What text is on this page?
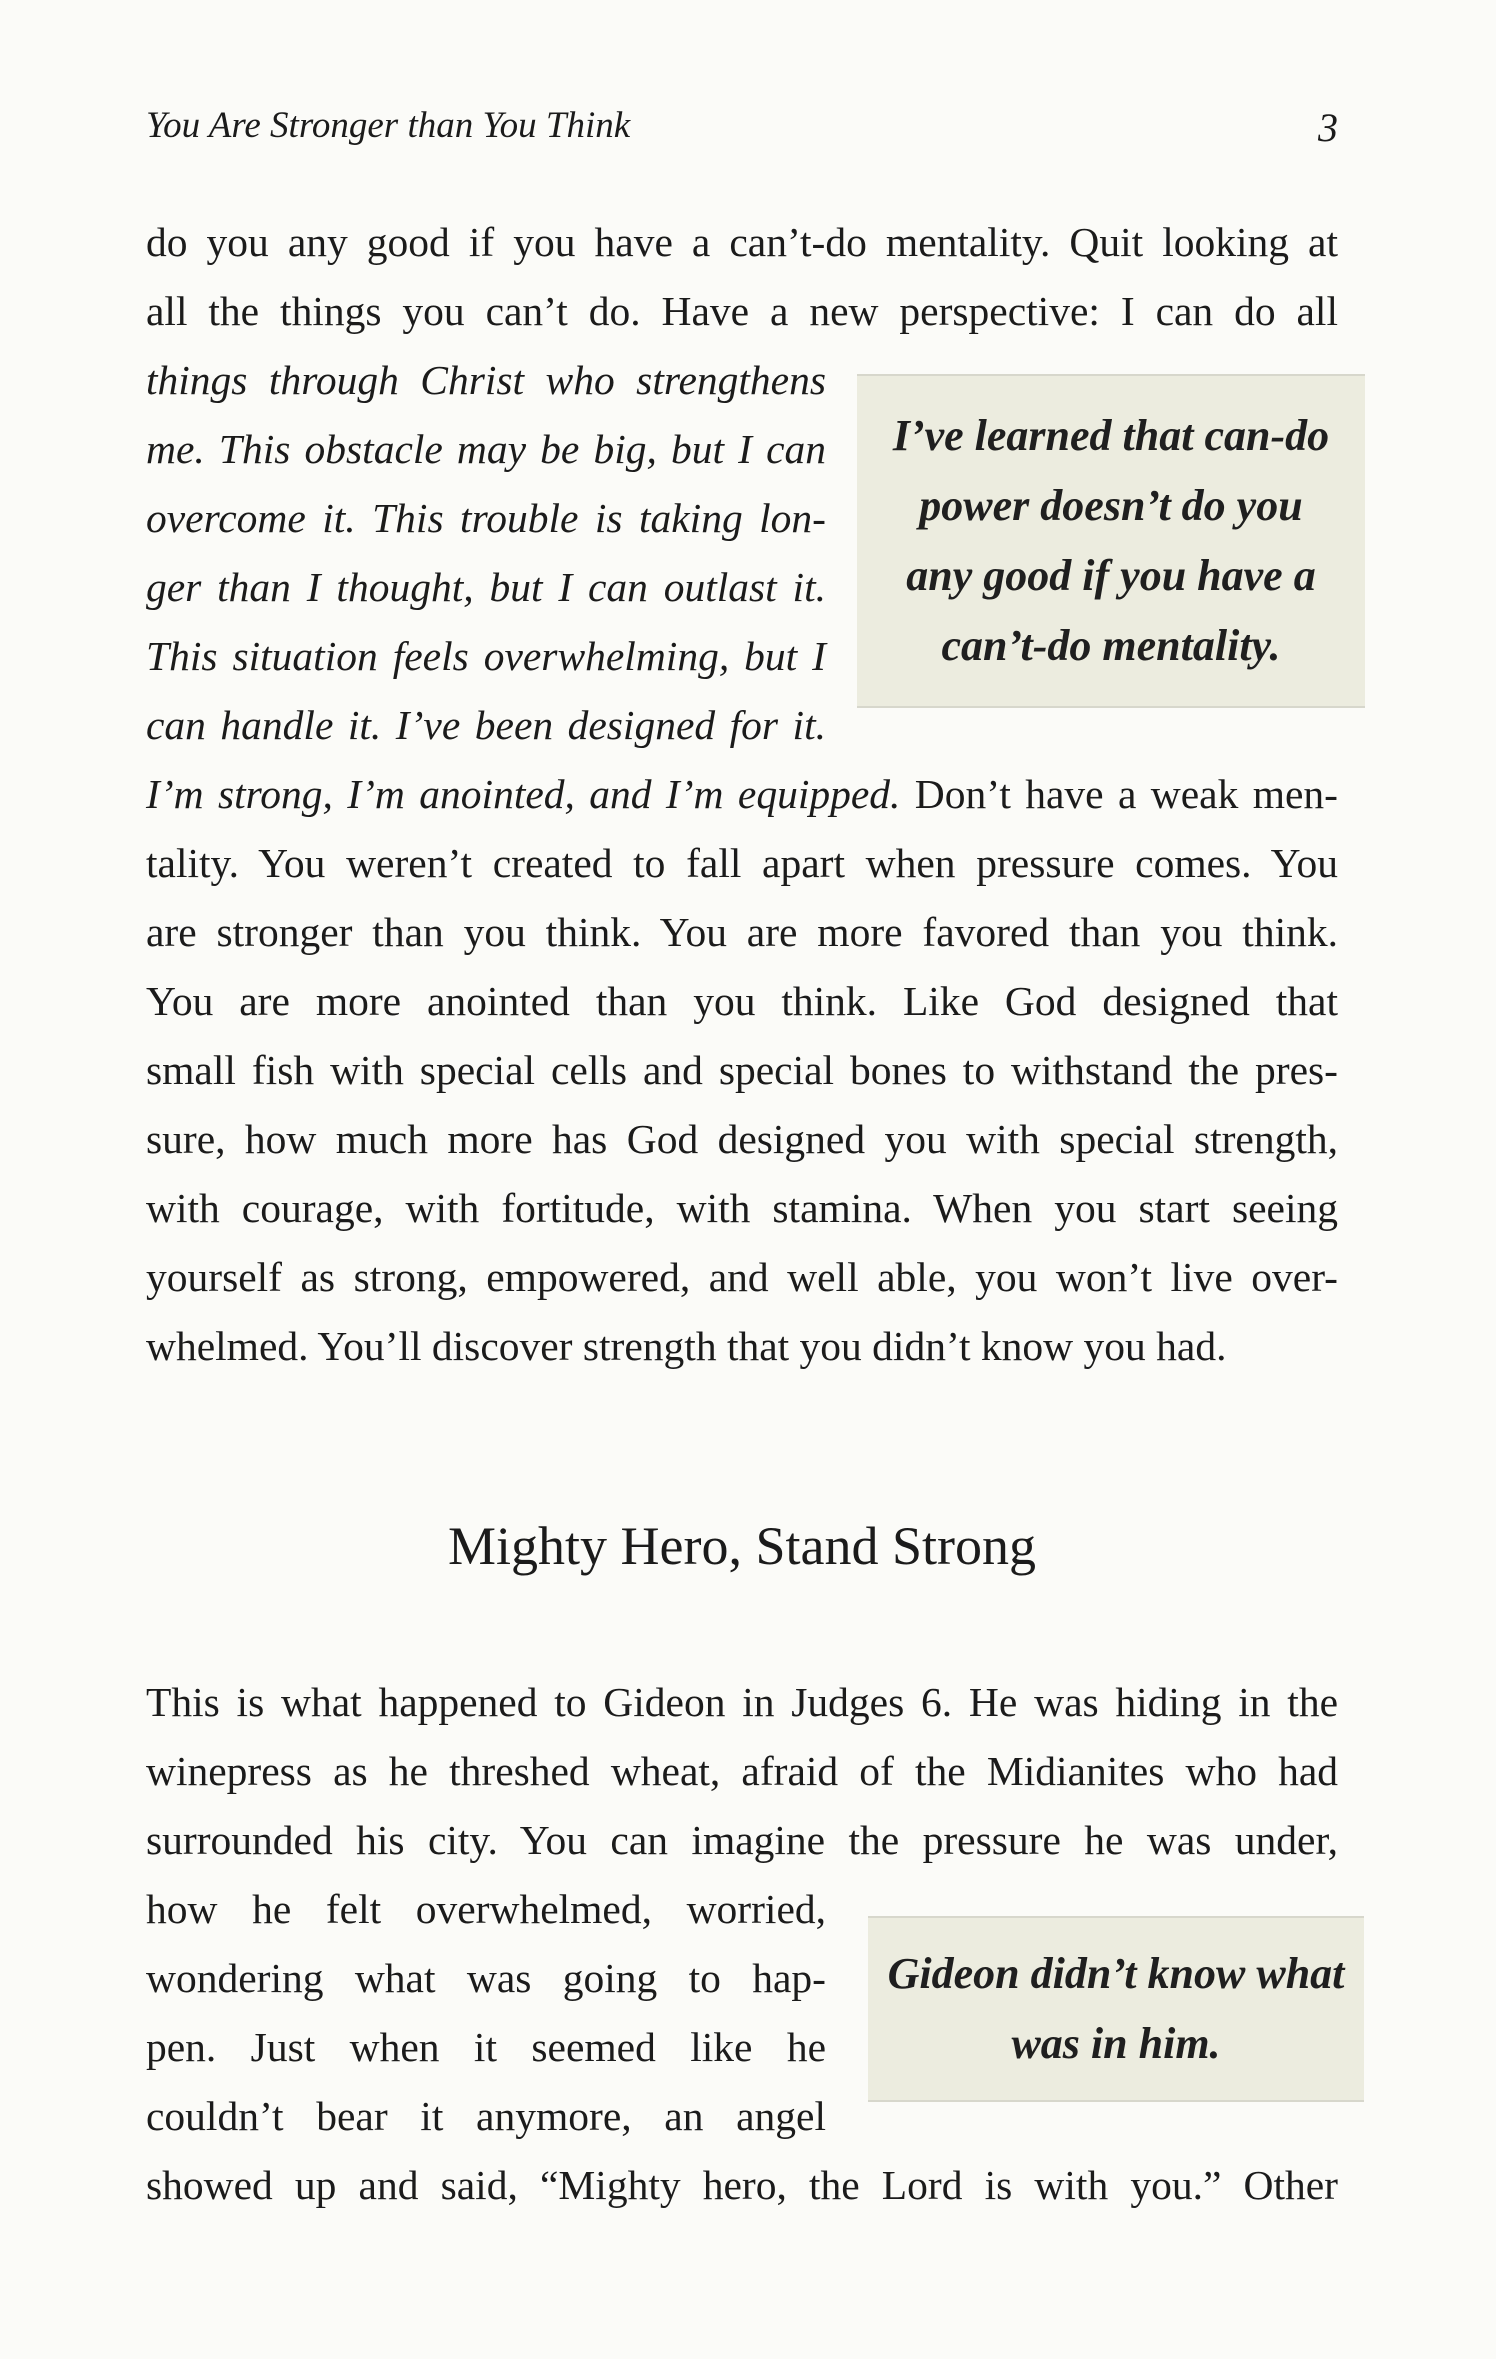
You Are Stronger than You Think	3
do you any good if you have a can’t-do mentality. Quit looking at
all the things you can’t do. Have a new perspective: I can do all
things through Christ who strengthens
me. This obstacle may be big, but I can
overcome it. This trouble is taking lon-
ger than I thought, but I can outlast it.
This situation feels overwhelming, but I
can handle it. I’ve been designed for it.
I’m strong, I’m anointed, and I’m equipped. Don’t have a weak men-
tality. You weren’t created to fall apart when pressure comes. You
are stronger than you think. You are more favored than you think.
You are more anointed than you think. Like God designed that
small fish with special cells and special bones to withstand the pres-
sure, how much more has God designed you with special strength,
with courage, with fortitude, with stamina. When you start seeing
yourself as strong, empowered, and well able, you won’t live over-
whelmed. You’ll discover strength that you didn’t know you had.
I’ve learned that can-do
power doesn’t do you
any good if you have a
can’t-do mentality.
Mighty Hero, Stand Strong
This is what happened to Gideon in Judges 6. He was hiding in the
winepress as he threshed wheat, afraid of the Midianites who had
surrounded his city. You can imagine the pressure he was under,
how he felt overwhelmed, worried,
wondering what was going to hap-
pen. Just when it seemed like he
couldn’t bear it anymore, an angel
showed up and said, “Mighty hero, the Lord is with you.” Other
Gideon didn’t know what
was in him.
